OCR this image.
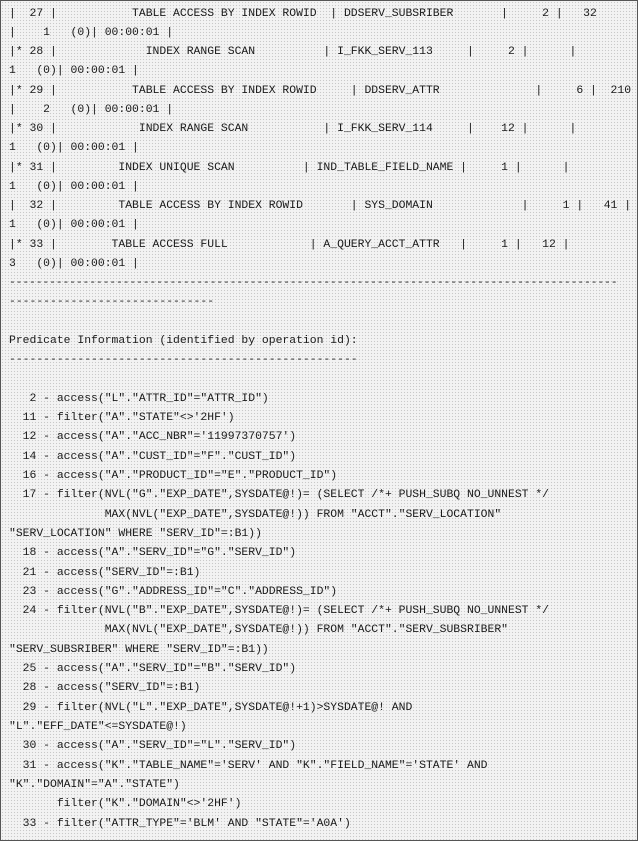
|  27 |           TABLE ACCESS BY INDEX ROWID  | DDSERV_SUBSRIBER       |     2 |   32
|    1   (0)| 00:00:01 |
|* 28 |             INDEX RANGE SCAN          | I_FKK_SERV_113     |     2 |      |
1   (0)| 00:00:01 |
|* 29 |           TABLE ACCESS BY INDEX ROWID     | DDSERV_ATTR              |     6 |  210
|    2   (0)| 00:00:01 |
|* 30 |            INDEX RANGE SCAN           | I_FKK_SERV_114     |    12 |      |
1   (0)| 00:00:01 |
|* 31 |         INDEX UNIQUE SCAN          | IND_TABLE_FIELD_NAME |     1 |      |
1   (0)| 00:00:01 |
|  32 |         TABLE ACCESS BY INDEX ROWID       | SYS_DOMAIN             |     1 |   41 |
1   (0)| 00:00:01 |
|* 33 |        TABLE ACCESS FULL            | A_QUERY_ACCT_ATTR   |     1 |   12 |
3   (0)| 00:00:01 |
-------------------------------------------------------------------------------------------
------------------------------
Predicate Information (identified by operation id):
---------------------------------------------------
2 - access("L"."ATTR_ID"="ATTR_ID")
11 - filter("A"."STATE"<>'2HF')
12 - access("A"."ACC_NBR"='11997370757')
14 - access("A"."CUST_ID"="F"."CUST_ID")
16 - access("A"."PRODUCT_ID"="E"."PRODUCT_ID")
17 - filter(NVL("G"."EXP_DATE",SYSDATE@!)= (SELECT /*+ PUSH_SUBQ NO_UNNEST */
MAX(NVL("EXP_DATE",SYSDATE@!)) FROM "ACCT"."SERV_LOCATION"
"SERV_LOCATION" WHERE "SERV_ID"=:B1))
18 - access("A"."SERV_ID"="G"."SERV_ID")
21 - access("SERV_ID"=:B1)
23 - access("G"."ADDRESS_ID"="C"."ADDRESS_ID")
24 - filter(NVL("B"."EXP_DATE",SYSDATE@!)= (SELECT /*+ PUSH_SUBQ NO_UNNEST */
MAX(NVL("EXP_DATE",SYSDATE@!)) FROM "ACCT"."SERV_SUBSRIBER"
"SERV_SUBSRIBER" WHERE "SERV_ID"=:B1))
25 - access("A"."SERV_ID"="B"."SERV_ID")
28 - access("SERV_ID"=:B1)
29 - filter(NVL("L"."EXP_DATE",SYSDATE@!+1)>SYSDATE@! AND
"L"."EFF_DATE"<=SYSDATE@!)
30 - access("A"."SERV_ID"="L"."SERV_ID")
31 - access("K"."TABLE_NAME"='SERV' AND "K"."FIELD_NAME"='STATE' AND
"K"."DOMAIN"="A"."STATE")
filter("K"."DOMAIN"<>'2HF')
33 - filter("ATTR_TYPE"='BLM' AND "STATE"='A0A')
